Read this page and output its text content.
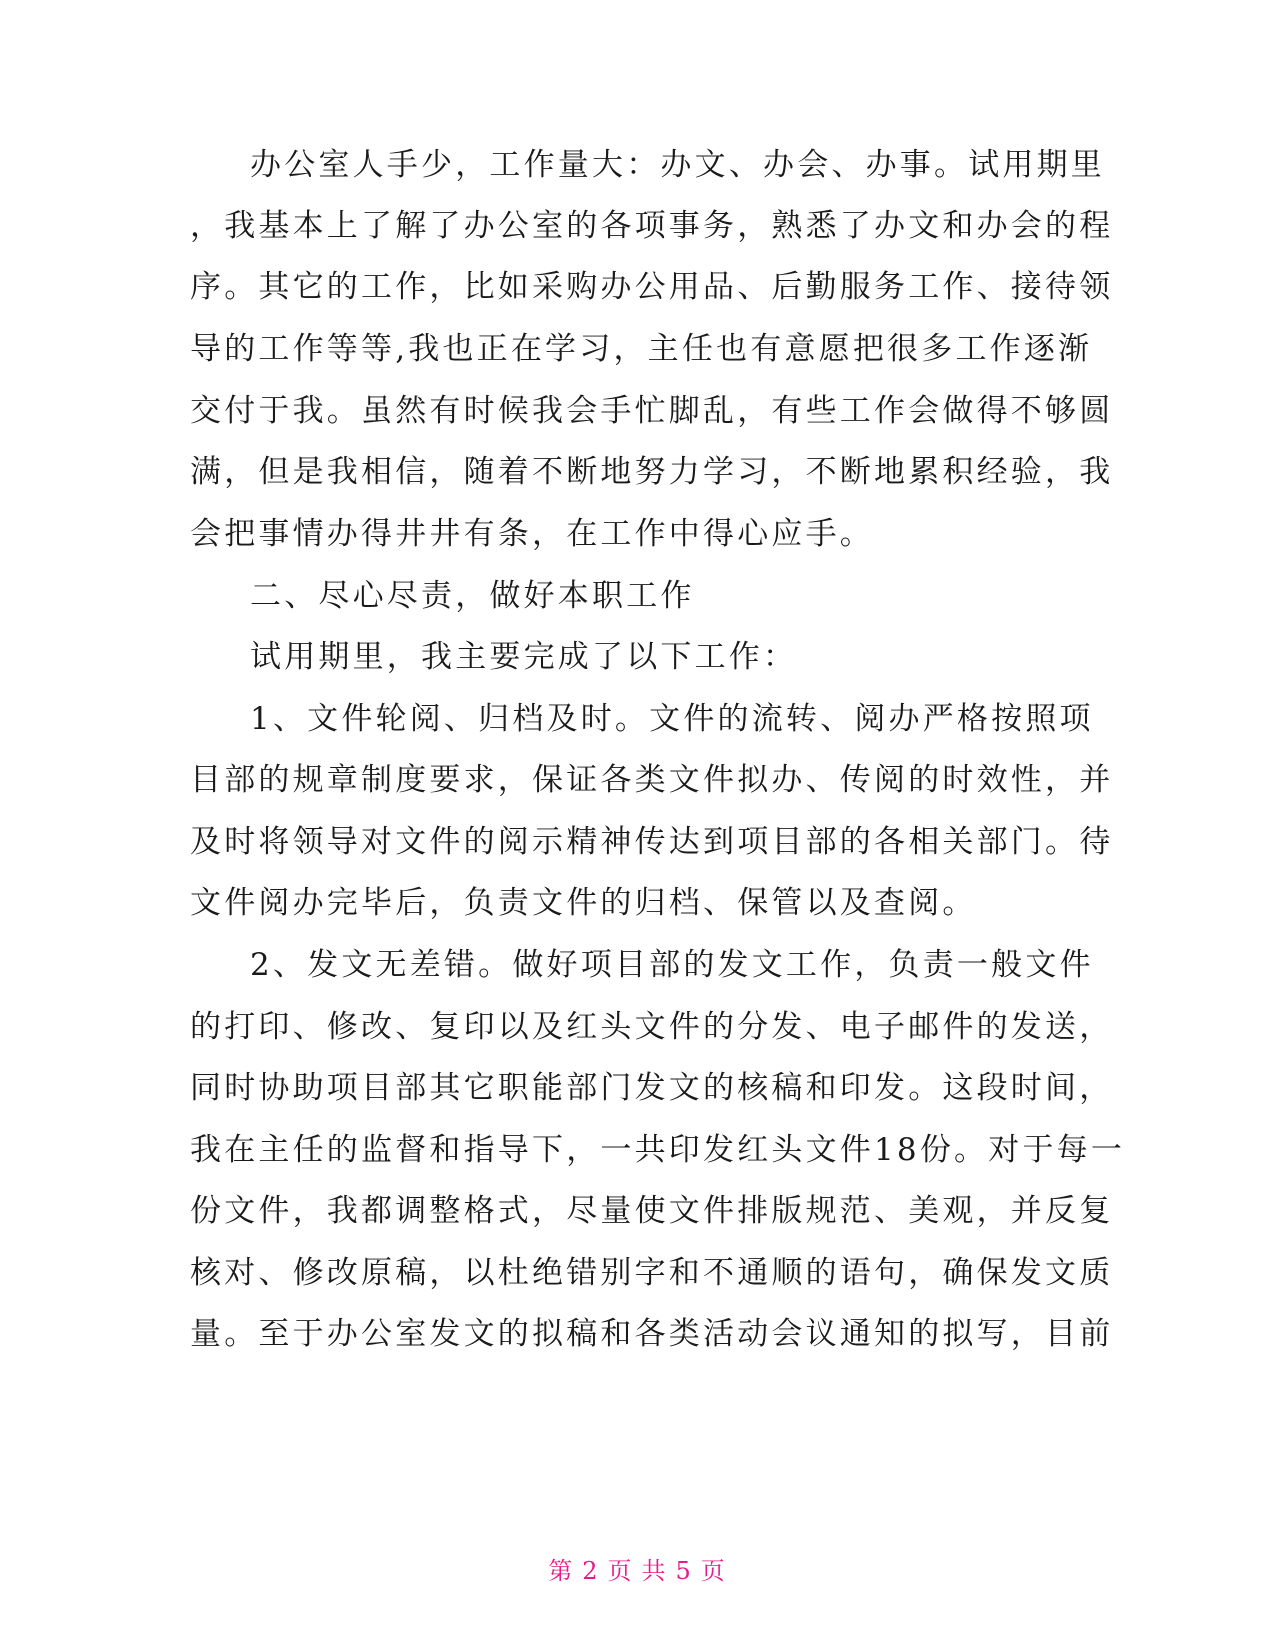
办公室人手少，工作量大：办文、办会、办事。试用期里
，我基本上了解了办公室的各项事务，熟悉了办文和办会的程
序。其它的工作，比如采购办公用品、后勤服务工作、接待领
导的工作等等,我也正在学习，主任也有意愿把很多工作逐渐
交付于我。虽然有时候我会手忙脚乱，有些工作会做得不够圆
满，但是我相信，随着不断地努力学习，不断地累积经验，我
会把事情办得井井有条，在工作中得心应手。
二、尽心尽责，做好本职工作
试用期里，我主要完成了以下工作：
1、文件轮阅、归档及时。文件的流转、阅办严格按照项
目部的规章制度要求，保证各类文件拟办、传阅的时效性，并
及时将领导对文件的阅示精神传达到项目部的各相关部门。待
文件阅办完毕后，负责文件的归档、保管以及查阅。
2、发文无差错。做好项目部的发文工作，负责一般文件
的打印、修改、复印以及红头文件的分发、电子邮件的发送，
同时协助项目部其它职能部门发文的核稿和印发。这段时间，
我在主任的监督和指导下，一共印发红头文件18份。对于每一
份文件，我都调整格式，尽量使文件排版规范、美观，并反复
核对、修改原稿，以杜绝错别字和不通顺的语句，确保发文质
量。至于办公室发文的拟稿和各类活动会议通知的拟写，目前
第 2 页 共 5 页
